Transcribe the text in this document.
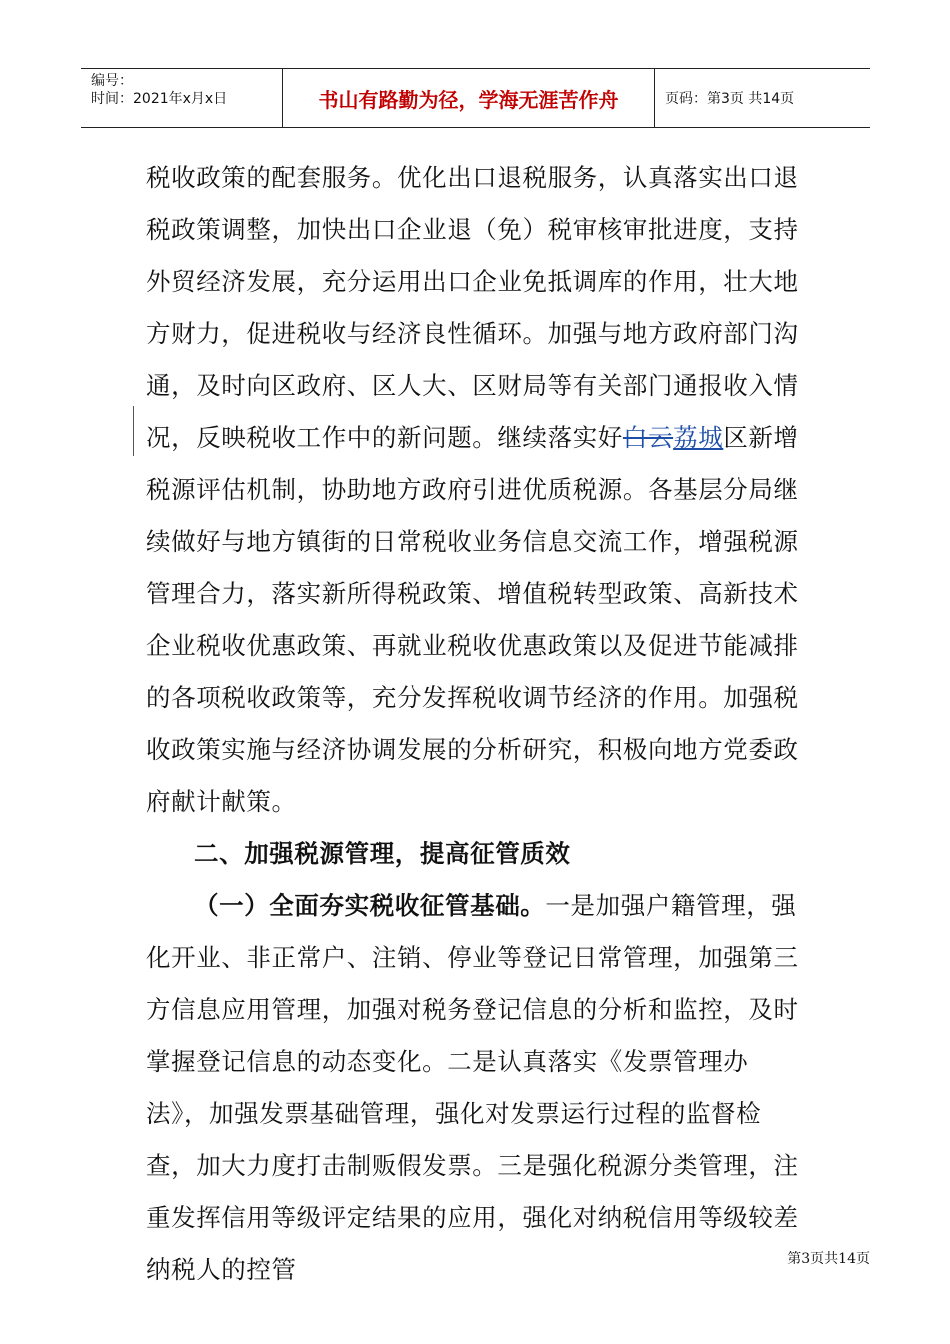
编号：
时间：2021年x月x日	书山有路勤为径，学海无涯苦作舟	页码：第3页 共14页

税收政策的配套服务。优化出口退税服务，认真落实出口退税政策调整，加快出口企业退（免）税审核审批进度，支持外贸经济发展，充分运用出口企业免抵调库的作用，壮大地方财力，促进税收与经济良性循环。加强与地方政府部门沟通，及时向区政府、区人大、区财局等有关部门通报收入情况，反映税收工作中的新问题。继续落实好白云荔城区新增税源评估机制，协助地方政府引进优质税源。各基层分局继续做好与地方镇街的日常税收业务信息交流工作，增强税源管理合力，落实新所得税政策、增值税转型政策、高新技术企业税收优惠政策、再就业税收优惠政策以及促进节能减排的各项税收政策等，充分发挥税收调节经济的作用。加强税收政策实施与经济协调发展的分析研究，积极向地方党委政府献计献策。

二、加强税源管理，提高征管质效

（一）全面夯实税收征管基础。一是加强户籍管理，强化开业、非正常户、注销、停业等登记日常管理，加强第三方信息应用管理，加强对税务登记信息的分析和监控，及时掌握登记信息的动态变化。二是认真落实《发票管理办法》，加强发票基础管理，强化对发票运行过程的监督检查，加大力度打击制贩假发票。三是强化税源分类管理，注重发挥信用等级评定结果的应用，强化对纳税信用等级较差纳税人的控管	第3页共14页
